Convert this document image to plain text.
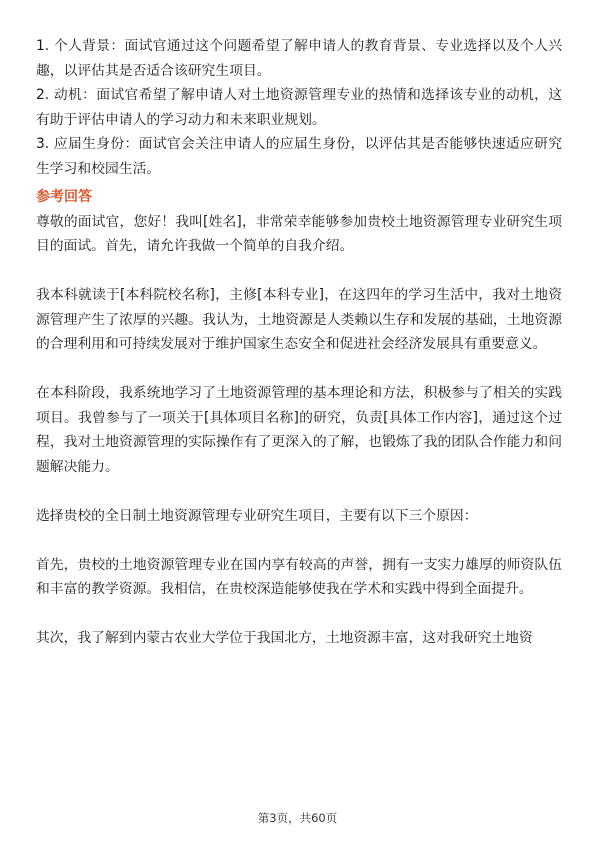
1. 个人背景：面试官通过这个问题希望了解申请人的教育背景、专业选择以及个人兴趣，以评估其是否适合该研究生项目。

2. 动机：面试官希望了解申请人对土地资源管理专业的热情和选择该专业的动机，这有助于评估申请人的学习动力和未来职业规划。

3. 应届生身份：面试官会关注申请人的应届生身份，以评估其是否能够快速适应研究生学习和校园生活。

参考回答

尊敬的面试官，您好！我叫[姓名]，非常荣幸能够参加贵校土地资源管理专业研究生项目的面试。首先，请允许我做一个简单的自我介绍。

我本科就读于[本科院校名称]，主修[本科专业]，在这四年的学习生活中，我对土地资源管理产生了浓厚的兴趣。我认为，土地资源是人类赖以生存和发展的基础，土地资源的合理利用和可持续发展对于维护国家生态安全和促进社会经济发展具有重要意义。

在本科阶段，我系统地学习了土地资源管理的基本理论和方法，积极参与了相关的实践项目。我曾参与了一项关于[具体项目名称]的研究，负责[具体工作内容]，通过这个过程，我对土地资源管理的实际操作有了更深入的了解，也锻炼了我的团队合作能力和问题解决能力。

选择贵校的全日制土地资源管理专业研究生项目，主要有以下三个原因：

首先，贵校的土地资源管理专业在国内享有较高的声誉，拥有一支实力雄厚的师资队伍和丰富的教学资源。我相信，在贵校深造能够使我在学术和实践中得到全面提升。

其次，我了解到内蒙古农业大学位于我国北方，土地资源丰富，这对我研究土地资

第3页，共60页
